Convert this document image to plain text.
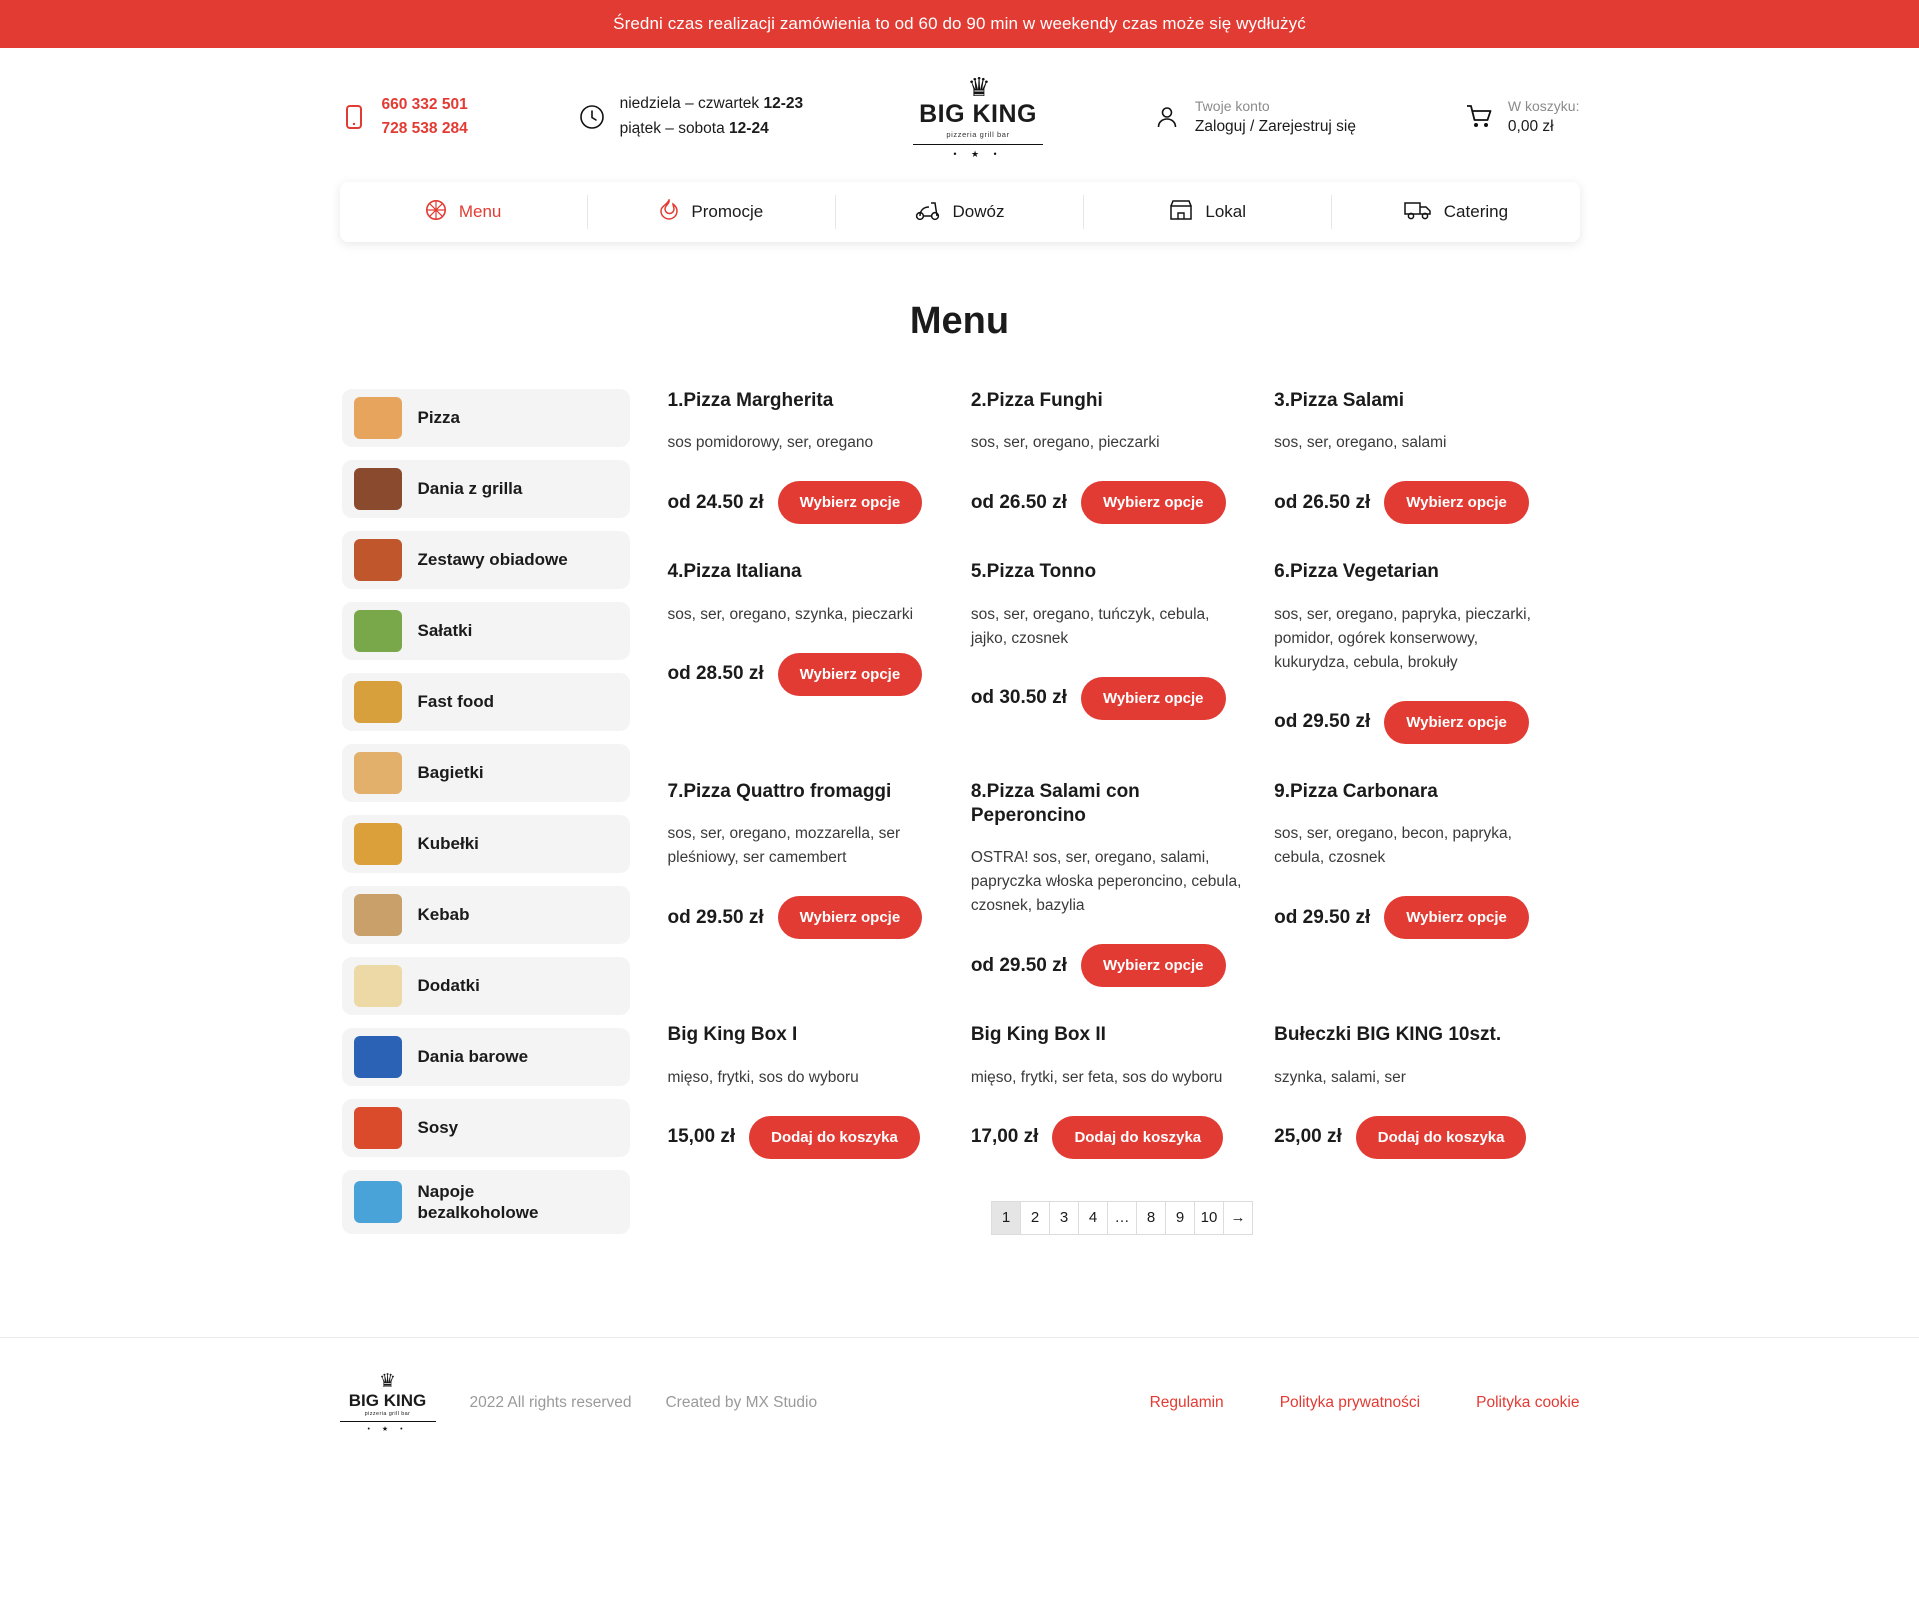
Średni czas realizacji zamówienia to od 60 do 90 min w weekendy czas może się wydłużyć
660 332 501
728 538 284
niedziela – czwartek 12-23
piątek – sobota 12-24
♛
BIG KING
pizzeria grill bar
• ★ •
Twoje konto
Zaloguj / Zarejestruj się
W koszyku:
0,00 zł
Menu	Promocje	Dowóz	Lokal	Catering
Menu
Pizza
Dania z grilla
Zestawy obiadowe
Sałatki
Fast food
Bagietki
Kubełki
Kebab
Dodatki
Dania barowe
Sosy
Napoje bezalkoholowe
1.Pizza Margherita
sos pomidorowy, ser, oregano
od 24.50 zł	Wybierz opcje
2.Pizza Funghi
sos, ser, oregano, pieczarki
od 26.50 zł	Wybierz opcje
3.Pizza Salami
sos, ser, oregano, salami
od 26.50 zł	Wybierz opcje
4.Pizza Italiana
sos, ser, oregano, szynka, pieczarki
od 28.50 zł	Wybierz opcje
5.Pizza Tonno
sos, ser, oregano, tuńczyk, cebula, jajko, czosnek
od 30.50 zł	Wybierz opcje
6.Pizza Vegetarian
sos, ser, oregano, papryka, pieczarki, pomidor, ogórek konserwowy, kukurydza, cebula, brokuły
od 29.50 zł	Wybierz opcje
7.Pizza Quattro fromaggi
sos, ser, oregano, mozzarella, ser pleśniowy, ser camembert
od 29.50 zł	Wybierz opcje
8.Pizza Salami con Peperoncino
OSTRA! sos, ser, oregano, salami, papryczka włoska peperoncino, cebula, czosnek, bazylia
od 29.50 zł	Wybierz opcje
9.Pizza Carbonara
sos, ser, oregano, becon, papryka, cebula, czosnek
od 29.50 zł	Wybierz opcje
Big King Box I
mięso, frytki, sos do wyboru
15,00 zł	Dodaj do koszyka
Big King Box II
mięso, frytki, ser feta, sos do wyboru
17,00 zł	Dodaj do koszyka
Bułeczki BIG KING 10szt.
szynka, salami, ser
25,00 zł	Dodaj do koszyka
1	2	3	4	…	8	9	10 →
♛
BIG KING
pizzeria grill bar
• ★ •
2022 All rights reserved Created by MX Studio	Regulamin	Polityka prywatności	Polityka cookie
